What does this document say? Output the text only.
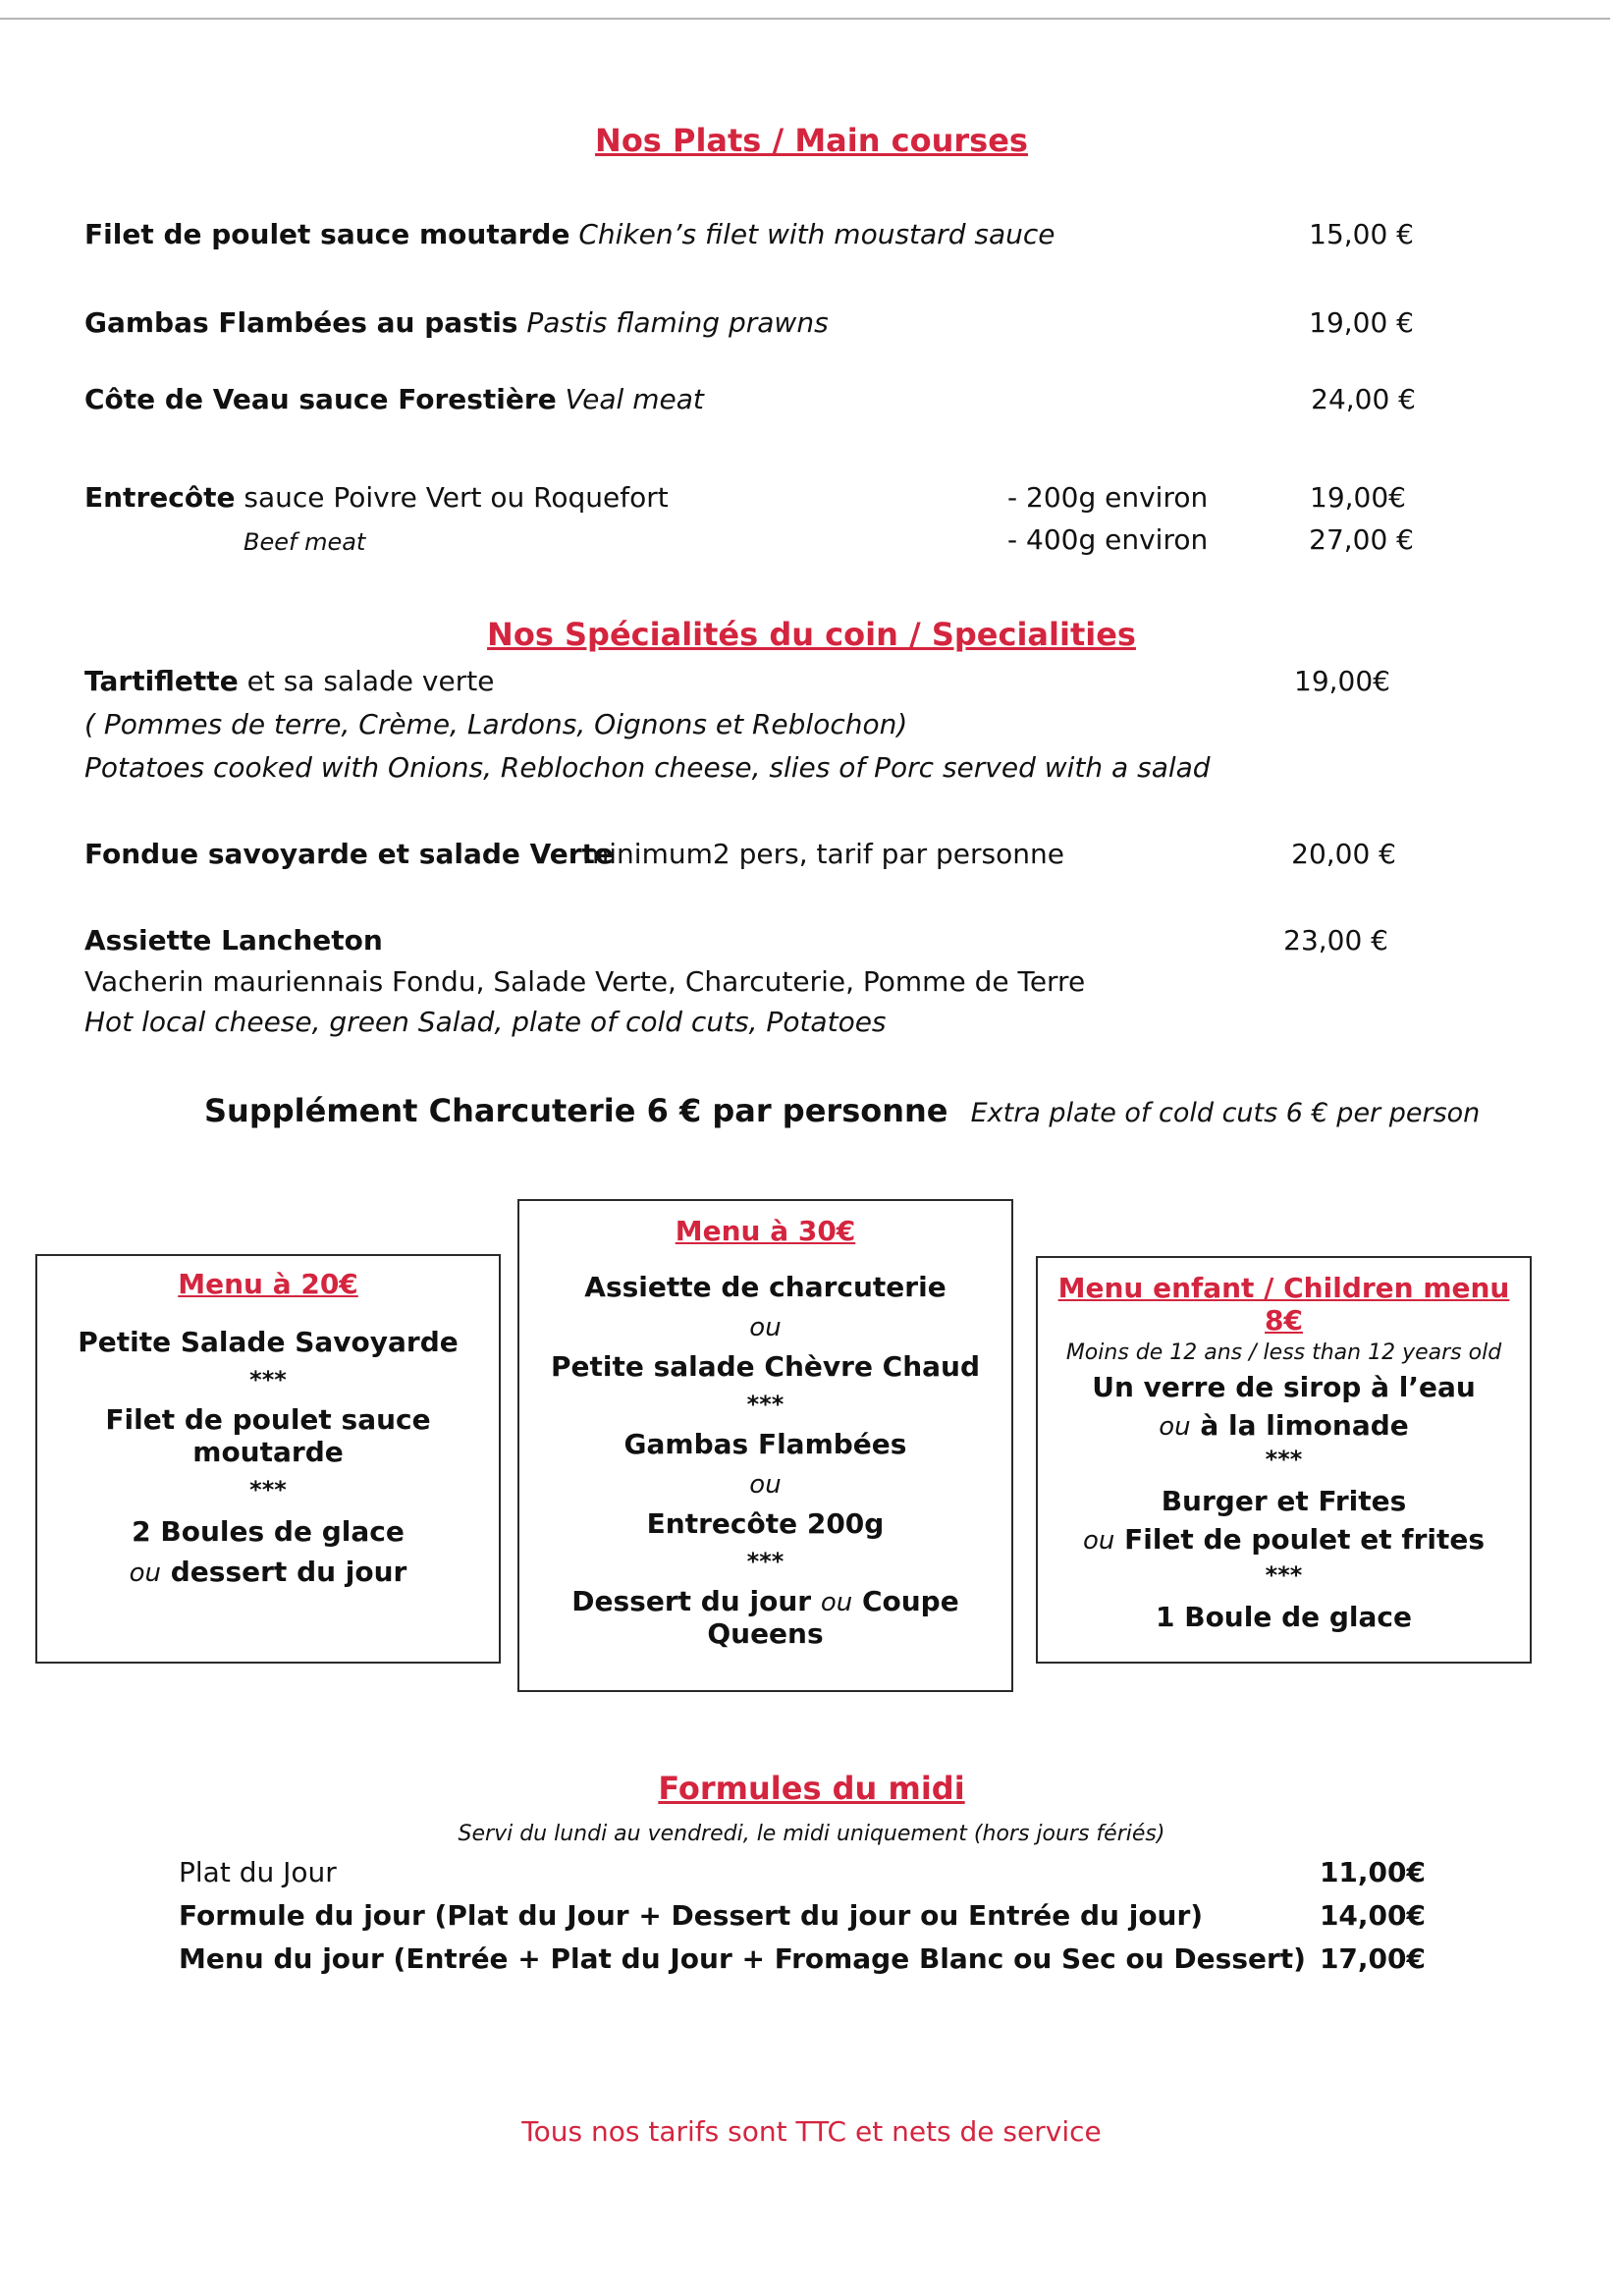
Nos Plats / Main courses
Filet de poulet sauce moutarde Chiken’s filet with moustard sauce	15,00 €
Gambas Flambées au pastis Pastis flaming prawns	19,00 €
Côte de Veau sauce Forestière Veal meat	24,00 €
Entrecôte sauce Poivre Vert ou Roquefort
Beef meat
- 200g environ	19,00€
- 400g environ	27,00 €
Nos Spécialités du coin / Specialities
Tartiflette et sa salade verte	19,00€
( Pommes de terre, Crème, Lardons, Oignons et Reblochon)
Potatoes cooked with Onions, Reblochon cheese, slies of Porc served with a salad
Fondue savoyarde et salade Verte
minimum2 pers, tarif par personne	20,00 €
Assiette Lancheton	23,00 €
Vacherin mauriennais Fondu, Salade Verte, Charcuterie, Pomme de Terre
Hot local cheese, green Salad, plate of cold cuts, Potatoes
Supplément Charcuterie 6 € par personne Extra plate of cold cuts 6 € per person
Menu à 20€
Petite Salade Savoyarde
***
Filet de poulet sauce moutarde
***
2 Boules de glace
ou dessert du jour
Menu à 30€
Assiette de charcuterie
ou
Petite salade Chèvre Chaud
***
Gambas Flambées
ou
Entrecôte 200g
***
Dessert du jour ou Coupe Queens
Menu enfant / Children menu 8€
Moins de 12 ans / less than 12 years old
Un verre de sirop à l’eau
ou à la limonade
***
Burger et Frites
ou Filet de poulet et frites
***
1 Boule de glace
Formules du midi
Servi du lundi au vendredi, le midi uniquement (hors jours fériés)
Plat du Jour	11,00€
Formule du jour (Plat du Jour + Dessert du jour ou Entrée du jour)	14,00€
Menu du jour (Entrée + Plat du Jour + Fromage Blanc ou Sec ou Dessert) 17,00€
Tous nos tarifs sont TTC et nets de service
